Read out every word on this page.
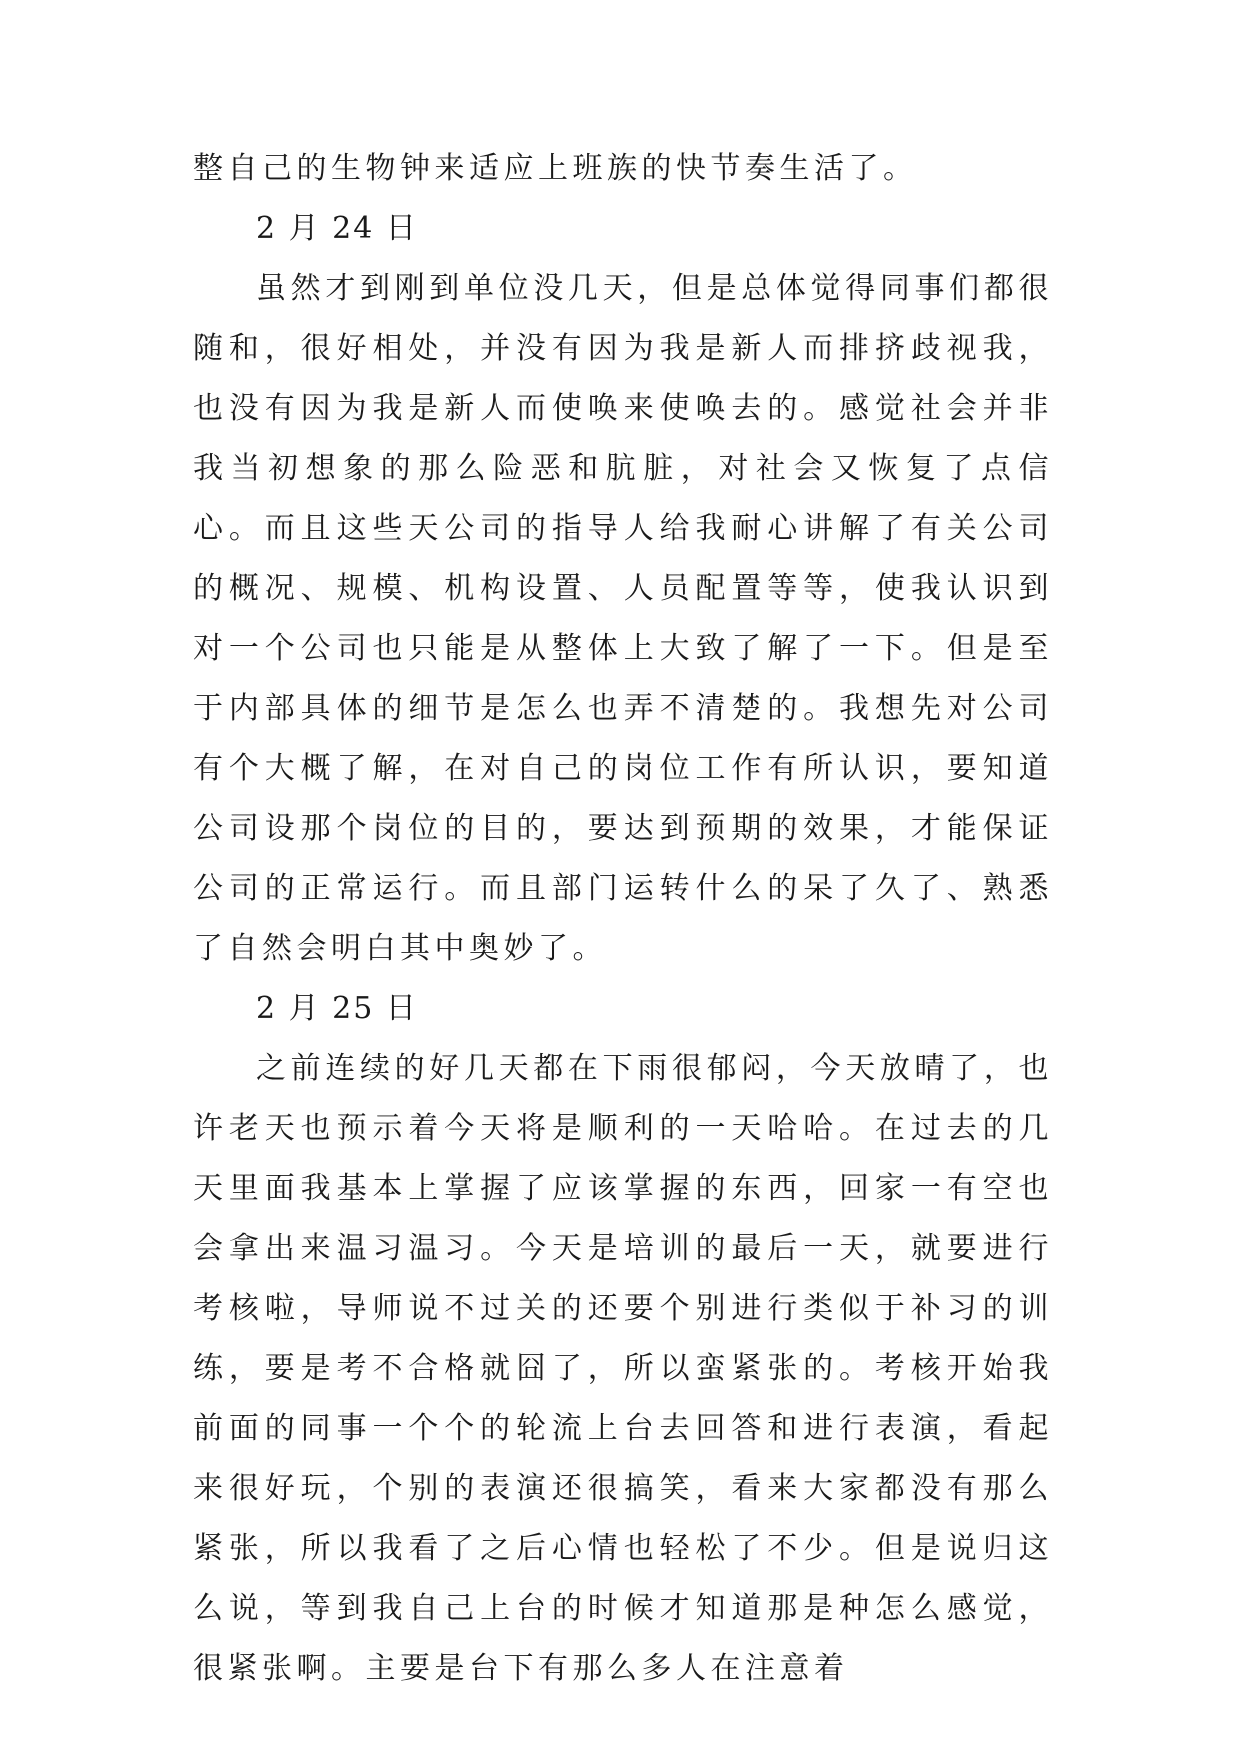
整自己的生物钟来适应上班族的快节奏生活了。

2 月 24 日

虽然才到刚到单位没几天，但是总体觉得同事们都很随和，很好相处，并没有因为我是新人而排挤歧视我，也没有因为我是新人而使唤来使唤去的。感觉社会并非我当初想象的那么险恶和肮脏，对社会又恢复了点信心。而且这些天公司的指导人给我耐心讲解了有关公司的概况、规模、机构设置、人员配置等等，使我认识到对一个公司也只能是从整体上大致了解了一下。但是至于内部具体的细节是怎么也弄不清楚的。我想先对公司有个大概了解，在对自己的岗位工作有所认识，要知道公司设那个岗位的目的，要达到预期的效果，才能保证公司的正常运行。而且部门运转什么的呆了久了、熟悉了自然会明白其中奥妙了。

2 月 25 日

之前连续的好几天都在下雨很郁闷，今天放晴了，也许老天也预示着今天将是顺利的一天哈哈。在过去的几天里面我基本上掌握了应该掌握的东西，回家一有空也会拿出来温习温习。今天是培训的最后一天，就要进行考核啦，导师说不过关的还要个别进行类似于补习的训练，要是考不合格就囧了，所以蛮紧张的。考核开始我前面的同事一个个的轮流上台去回答和进行表演，看起来很好玩，个别的表演还很搞笑，看来大家都没有那么紧张，所以我看了之后心情也轻松了不少。但是说归这么说，等到我自己上台的时候才知道那是种怎么感觉，很紧张啊。主要是台下有那么多人在注意着
